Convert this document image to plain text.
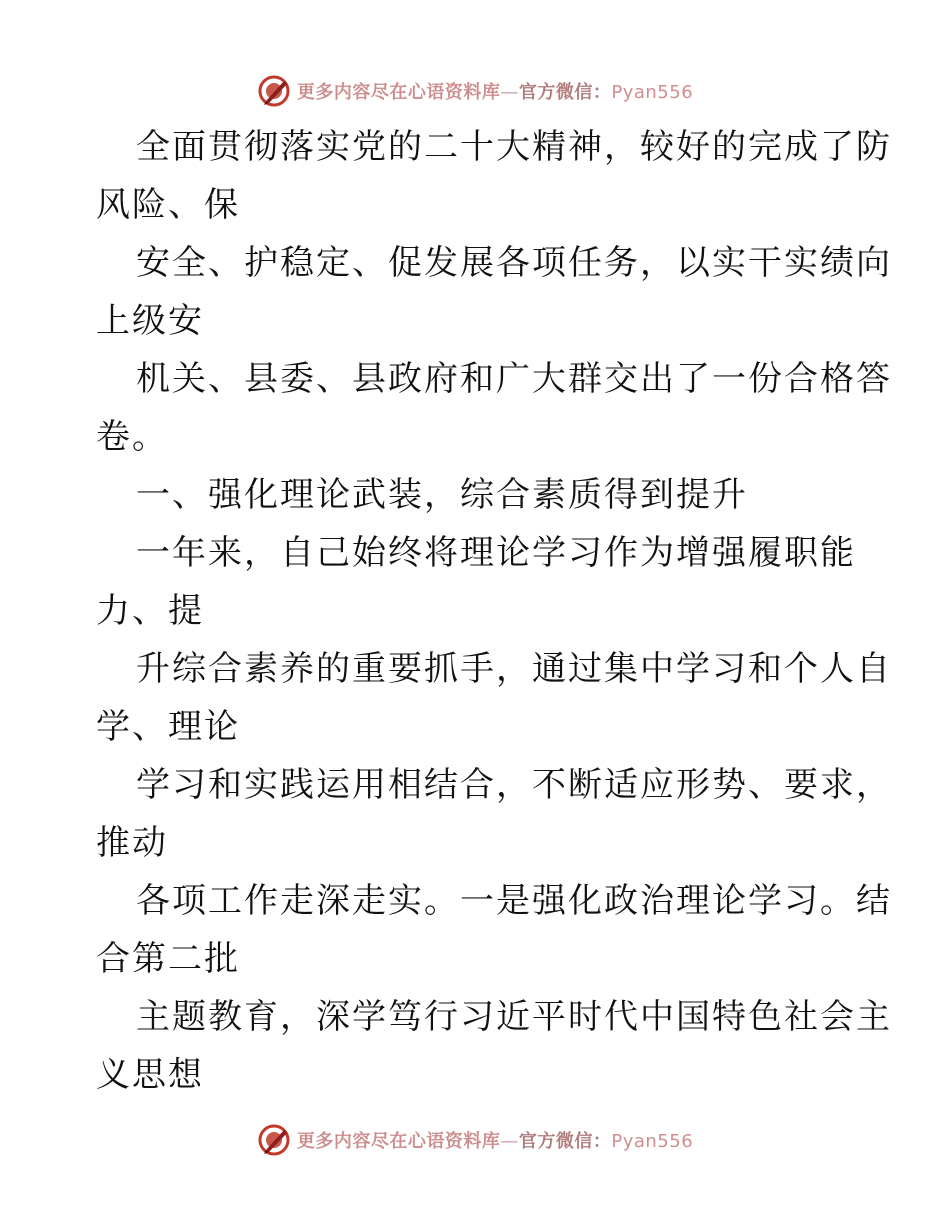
更多内容尽在心语资料库—官方微信：Pyan556
全面贯彻落实党的二十大精神，较好的完成了防
风险、保
安全、护稳定、促发展各项任务，以实干实绩向
上级安
机关、县委、县政府和广大群交出了一份合格答
卷。
一、强化理论武装，综合素质得到提升
一年来，自己始终将理论学习作为增强履职能
力、提
升综合素养的重要抓手，通过集中学习和个人自
学、理论
学习和实践运用相结合，不断适应形势、要求，
推动
各项工作走深走实。一是强化政治理论学习。结
合第二批
主题教育，深学笃行习近平时代中国特色社会主
义思想
更多内容尽在心语资料库—官方微信：Pyan556
